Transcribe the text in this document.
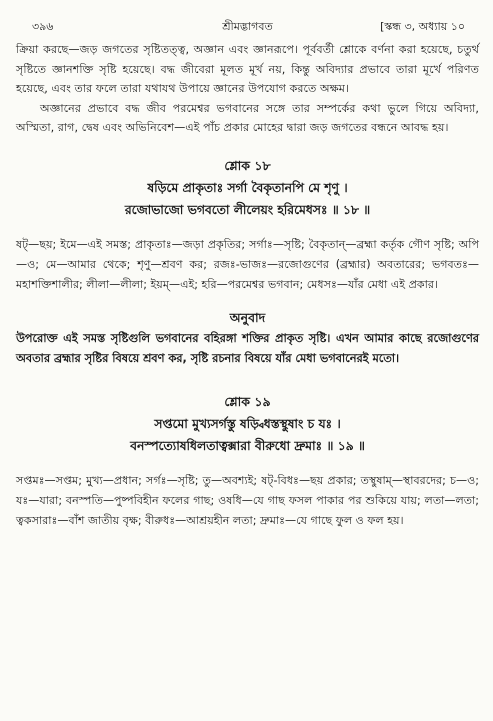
৩৯৬	শ্রীমদ্ভাগবত	[স্কন্ধ ৩, অধ্যায় ১০

ক্রিয়া করছে—জড় জগতের সৃষ্টিতত্ত্ব, অজ্ঞান এবং জ্ঞানরূপে। পূর্ববর্তী শ্লোকে বর্ণনা করা হয়েছে, চতুর্থ সৃষ্টিতে জ্ঞানশক্তি সৃষ্টি হয়েছে। বদ্ধ জীবেরা মূলত মূর্খ নয়, কিন্তু অবিদ্যার প্রভাবে তারা মূর্খে পরিণত হয়েছে, এবং তার ফলে তারা যথাযথ উপায়ে জ্ঞানের উপযোগ করতে অক্ষম।

অজ্ঞানের প্রভাবে বদ্ধ জীব পরমেশ্বর ভগবানের সঙ্গে তার সম্পর্কের কথা ভুলে গিয়ে অবিদ্যা, অস্মিতা, রাগ, দ্বেষ এবং অভিনিবেশ—এই পাঁচ প্রকার মোহের দ্বারা জড় জগতের বন্ধনে আবদ্ধ হয়।

শ্লোক ১৮
ষড়িমে প্রাকৃতাঃ সর্গা বৈকৃতানপি মে শৃণু ।
রজোভাজো ভগবতো লীলেয়ং হরিমেধসঃ ॥ ১৮ ॥

ষট্—ছয়; ইমে—এই সমস্ত; প্রাকৃতাঃ—জড়া প্রকৃতির; সর্গাঃ—সৃষ্টি; বৈকৃতান্—ব্রহ্মা কর্তৃক গৌণ সৃষ্টি; অপি—ও; মে—আমার থেকে; শৃণু—শ্রবণ কর; রজঃ-ভাজঃ—রজোগুণের (ব্রহ্মার) অবতারের; ভগবতঃ—মহাশক্তিশালীর; লীলা—লীলা; ইয়ম্—এই; হরি—পরমেশ্বর ভগবান; মেধসঃ—যাঁর মেধা এই প্রকার।

অনুবাদ

উপরোক্ত এই সমস্ত সৃষ্টিগুলি ভগবানের বহিরঙ্গা শক্তির প্রাকৃত সৃষ্টি। এখন আমার কাছে রজোগুণের অবতার ব্রহ্মার সৃষ্টির বিষয়ে শ্রবণ কর, সৃষ্টি রচনার বিষয়ে যাঁর মেধা ভগবানেরই মতো।

শ্লোক ১৯
সপ্তমো মুখ্যসর্গস্তু ষড়্বিধস্তস্থুষাং চ যঃ ।
বনস্পত্যোষধিলতাত্বক্সারা বীরুধো দ্রুমাঃ ॥ ১৯ ॥

সপ্তমঃ—সপ্তম; মুখ্য—প্রধান; সর্গঃ—সৃষ্টি; তু—অবশ্যই; ষট্-বিধঃ—ছয় প্রকার; তস্থুষাম্—স্থাবরদের; চ—ও; যঃ—যারা; বনস্পতি—পুষ্পবিহীন ফলের গাছ; ওষধি—যে গাছ ফসল পাকার পর শুকিয়ে যায়; লতা—লতা; ত্বকসারাঃ—বাঁশ জাতীয় বৃক্ষ; বীরুধঃ—আশ্রয়হীন লতা; দ্রুমাঃ—যে গাছে ফুল ও ফল হয়।
